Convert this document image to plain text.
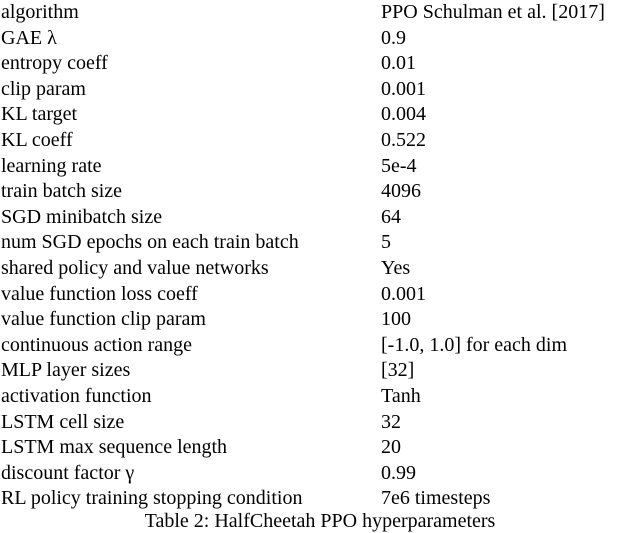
algorithm	PPO Schulman et al. [2017]
GAE λ	0.9
entropy coeff	0.01
clip param	0.001
KL target	0.004
KL coeff	0.522
learning rate	5e-4
train batch size	4096
SGD minibatch size	64
num SGD epochs on each train batch	5
shared policy and value networks	Yes
value function loss coeff	0.001
value function clip param	100
continuous action range	[-1.0, 1.0] for each dim
MLP layer sizes	[32]
activation function	Tanh
LSTM cell size	32
LSTM max sequence length	20
discount factor γ	0.99
RL policy training stopping condition	7e6 timesteps
Table 2: HalfCheetah PPO hyperparameters
